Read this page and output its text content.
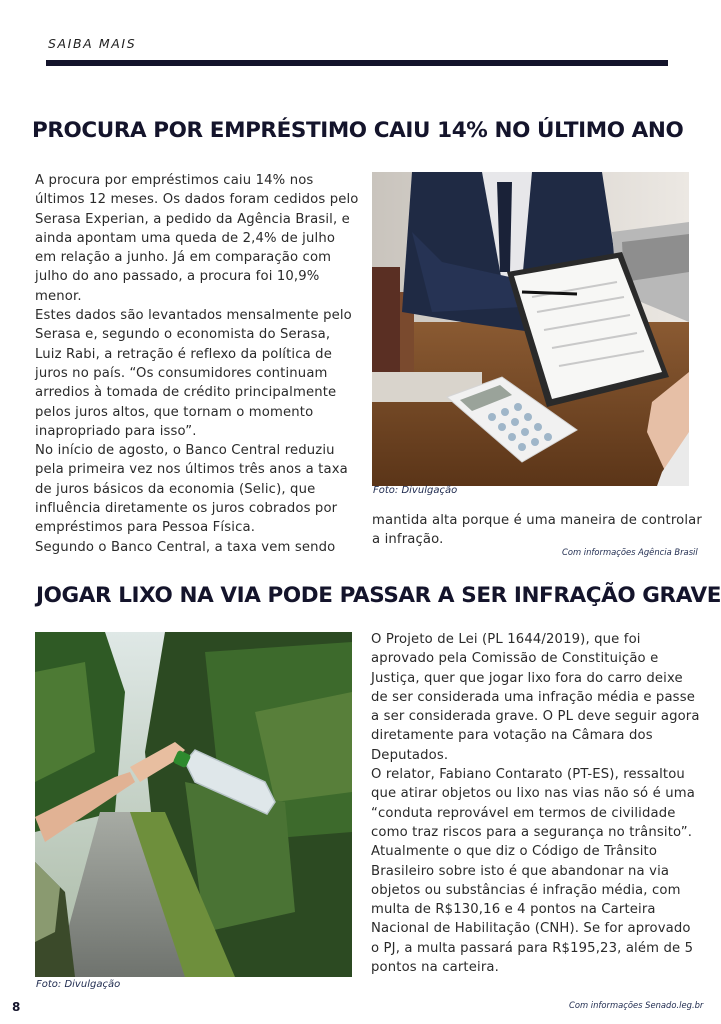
SAIBA MAIS
PROCURA POR EMPRÉSTIMO CAIU 14% NO ÚLTIMO ANO

A procura por empréstimos caiu 14% nos últimos 12 meses. Os dados foram cedidos pelo Serasa Experian, a pedido da Agência Brasil, e ainda apontam uma queda de 2,4% de julho em relação a junho. Já em comparação com julho do ano passado, a procura foi 10,9% menor.

Estes dados são levantados mensalmente pelo Serasa e, segundo o economista do Serasa, Luiz Rabi, a retração é reflexo da política de juros no país. “Os consumidores continuam arredios à tomada de crédito principalmente pelos juros altos, que tornam o momento inapropriado para isso”.

No início de agosto, o Banco Central reduziu pela primeira vez nos últimos três anos a taxa de juros básicos da economia (Selic), que influência diretamente os juros cobrados por empréstimos para Pessoa Física.

Segundo o Banco Central, a taxa vem sendo

Foto: Divulgação
mantida alta porque é uma maneira de controlar a infração.
Com informações Agência Brasil
JOGAR LIXO NA VIA PODE PASSAR A SER INFRAÇÃO GRAVE
Foto: Divulgação

O Projeto de Lei (PL 1644/2019), que foi aprovado pela Comissão de Constituição e Justiça, quer que jogar lixo fora do carro deixe de ser considerada uma infração média e passe a ser considerada grave. O PL deve seguir agora diretamente para votação na Câmara dos Deputados.

O relator, Fabiano Contarato (PT-ES), ressaltou que atirar objetos ou lixo nas vias não só é uma “conduta reprovável em termos de civilidade como traz riscos para a segurança no trânsito”.

Atualmente o que diz o Código de Trânsito Brasileiro sobre isto é que abandonar na via objetos ou substâncias é infração média, com multa de R$130,16 e 4 pontos na Carteira Nacional de Habilitação (CNH). Se for aprovado o PJ, a multa passará para R$195,23, além de 5 pontos na carteira.

Com informações Senado.leg.br
8
